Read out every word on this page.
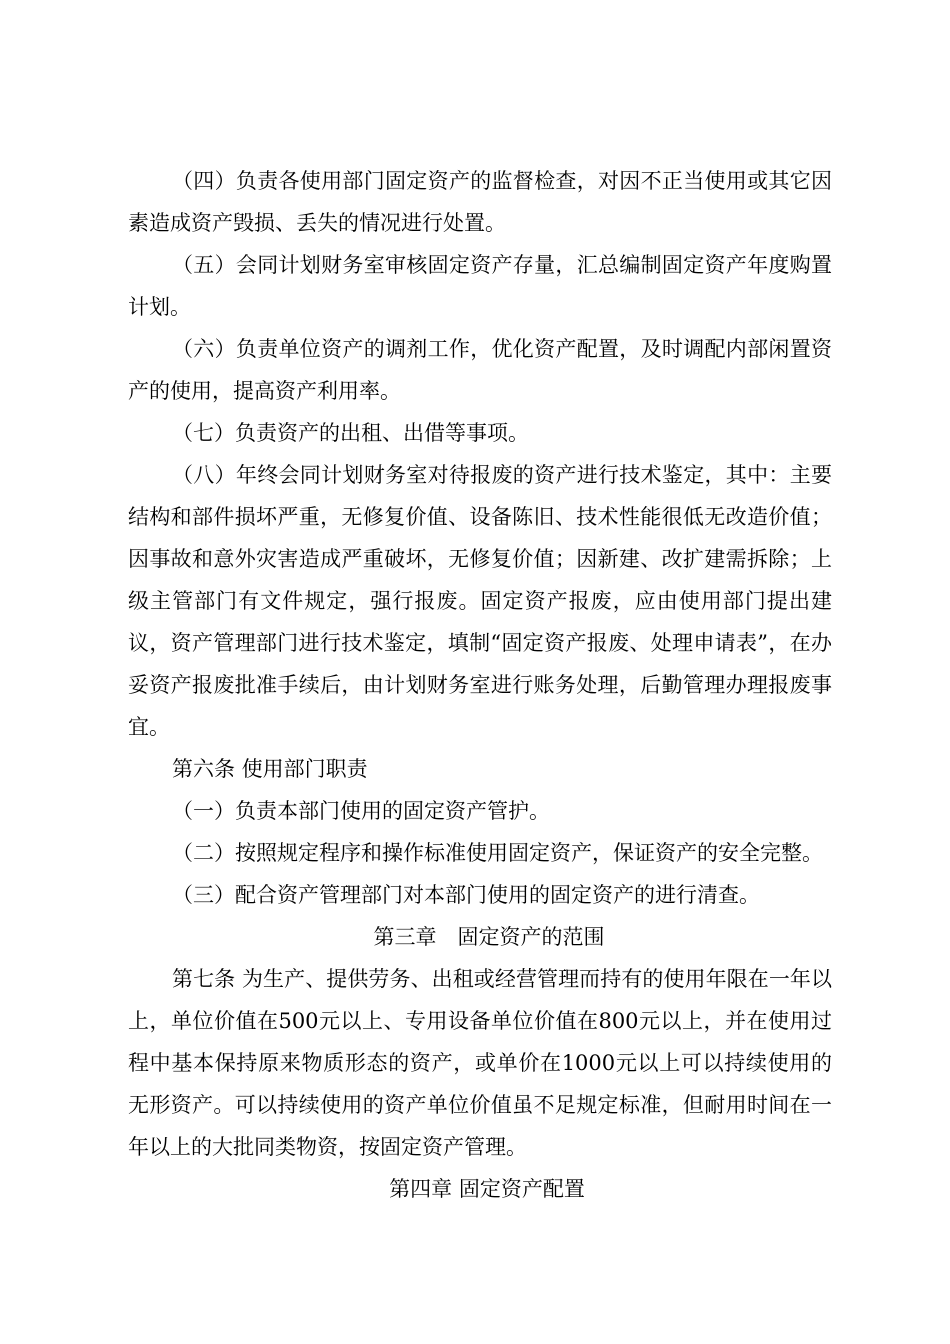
（四）负责各使用部门固定资产的监督检查，对因不正当使用或其它因素造成资产毁损、丢失的情况进行处置。

（五）会同计划财务室审核固定资产存量，汇总编制固定资产年度购置计划。

（六）负责单位资产的调剂工作，优化资产配置，及时调配内部闲置资产的使用，提高资产利用率。

（七）负责资产的出租、出借等事项。

（八）年终会同计划财务室对待报废的资产进行技术鉴定，其中：主要结构和部件损坏严重，无修复价值、设备陈旧、技术性能很低无改造价值；因事故和意外灾害造成严重破坏，无修复价值；因新建、改扩建需拆除；上级主管部门有文件规定，强行报废。固定资产报废，应由使用部门提出建议，资产管理部门进行技术鉴定，填制“固定资产报废、处理申请表”，在办妥资产报废批准手续后，由计划财务室进行账务处理，后勤管理办理报废事宜。

第六条 使用部门职责

（一）负责本部门使用的固定资产管护。

（二）按照规定程序和操作标准使用固定资产，保证资产的安全完整。

（三）配合资产管理部门对本部门使用的固定资产的进行清查。

第三章　固定资产的范围

第七条 为生产、提供劳务、出租或经营管理而持有的使用年限在一年以上，单位价值在500元以上、专用设备单位价值在800元以上，并在使用过程中基本保持原来物质形态的资产，或单价在1000元以上可以持续使用的无形资产。可以持续使用的资产单位价值虽不足规定标准，但耐用时间在一年以上的大批同类物资，按固定资产管理。

第四章 固定资产配置
